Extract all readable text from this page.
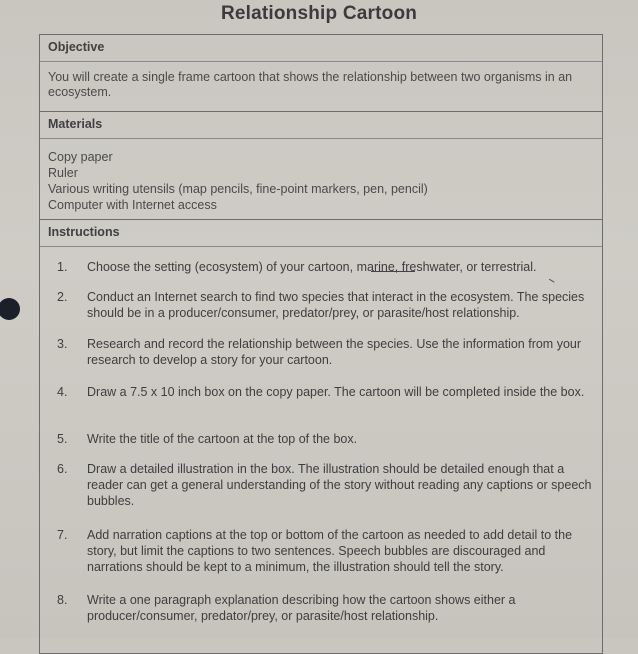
Relationship Cartoon
Objective
You will create a single frame cartoon that shows the relationship between two organisms in an ecosystem.
Materials
Copy paper
Ruler
Various writing utensils (map pencils, fine-point markers, pen, pencil)
Computer with Internet access
Instructions
1. Choose the setting (ecosystem) of your cartoon, marine, freshwater, or terrestrial.
2. Conduct an Internet search to find two species that interact in the ecosystem. The species should be in a producer/consumer, predator/prey, or parasite/host relationship.
3. Research and record the relationship between the species. Use the information from your research to develop a story for your cartoon.
4. Draw a 7.5 x 10 inch box on the copy paper. The cartoon will be completed inside the box.
5. Write the title of the cartoon at the top of the box.
6. Draw a detailed illustration in the box. The illustration should be detailed enough that a reader can get a general understanding of the story without reading any captions or speech bubbles.
7. Add narration captions at the top or bottom of the cartoon as needed to add detail to the story, but limit the captions to two sentences. Speech bubbles are discouraged and narrations should be kept to a minimum, the illustration should tell the story.
8. Write a one paragraph explanation describing how the cartoon shows either a producer/consumer, predator/prey, or parasite/host relationship.
